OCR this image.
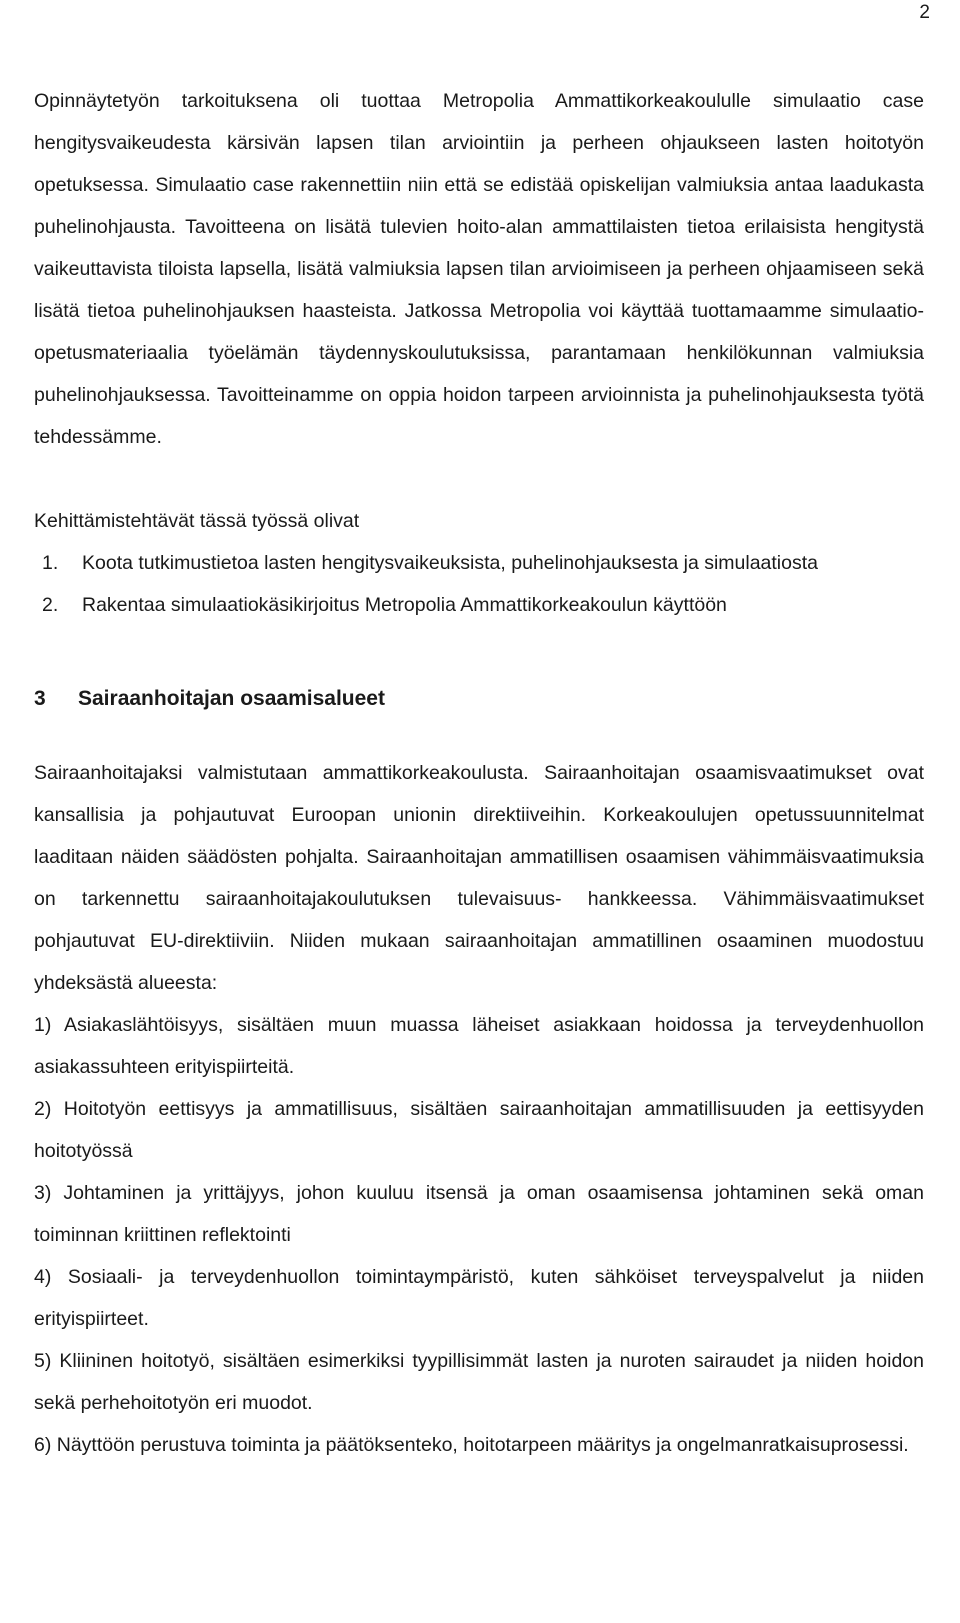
2

Opinnäytetyön tarkoituksena oli tuottaa Metropolia Ammattikorkeakoululle simulaatio case hengitysvaikeudesta kärsivän lapsen tilan arviointiin ja perheen ohjaukseen lasten hoitotyön opetuksessa. Simulaatio case rakennettiin niin että se edistää opiskelijan valmiuksia antaa laadukasta puhelinohjausta. Tavoitteena on lisätä tulevien hoito-alan ammattilaisten tietoa erilaisista hengitystä vaikeuttavista tiloista lapsella, lisätä valmiuksia lapsen tilan arvioimiseen ja perheen ohjaamiseen sekä lisätä tietoa puhelinohjauksen haasteista. Jatkossa Metropolia voi käyttää tuottamaamme simulaatio-opetusmateriaalia työelämän täydennyskoulutuksissa, parantamaan henkilökunnan valmiuksia puhelinohjauksessa. Tavoitteinamme on oppia hoidon tarpeen arvioinnista ja puhelinohjauksesta työtä tehdessämme.

Kehittämistehtävät tässä työssä olivat

1. Koota tutkimustietoa lasten hengitysvaikeuksista, puhelinohjauksesta ja simulaatiosta
2. Rakentaa simulaatiokäsikirjoitus Metropolia Ammattikorkeakoulun käyttöön
3	Sairaanhoitajan osaamisalueet

Sairaanhoitajaksi valmistutaan ammattikorkeakoulusta. Sairaanhoitajan osaamisvaatimukset ovat kansallisia ja pohjautuvat Euroopan unionin direktiiveihin. Korkeakoulujen opetussuunnitelmat laaditaan näiden säädösten pohjalta. Sairaanhoitajan ammatillisen osaamisen vähimmäisvaatimuksia on tarkennettu sairaanhoitajakoulutuksen tulevaisuus- hankkeessa. Vähimmäisvaatimukset pohjautuvat EU-direktiiviin. Niiden mukaan sairaanhoitajan ammatillinen osaaminen muodostuu yhdeksästä alueesta:

1) Asiakaslähtöisyys, sisältäen muun muassa läheiset asiakkaan hoidossa ja terveydenhuollon asiakassuhteen erityispiirteitä.

2) Hoitotyön eettisyys ja ammatillisuus, sisältäen sairaanhoitajan ammatillisuuden ja eettisyyden hoitotyössä

3) Johtaminen ja yrittäjyys, johon kuuluu itsensä ja oman osaamisensa johtaminen sekä oman toiminnan kriittinen reflektointi

4) Sosiaali- ja terveydenhuollon toimintaympäristö, kuten sähköiset terveyspalvelut ja niiden erityispiirteet.

5) Kliininen hoitotyö, sisältäen esimerkiksi tyypillisimmät lasten ja nuroten sairaudet ja niiden hoidon sekä perhehoitotyön eri muodot.

6) Näyttöön perustuva toiminta ja päätöksenteko, hoitotarpeen määritys ja ongelmanratkaisuprosessi.
